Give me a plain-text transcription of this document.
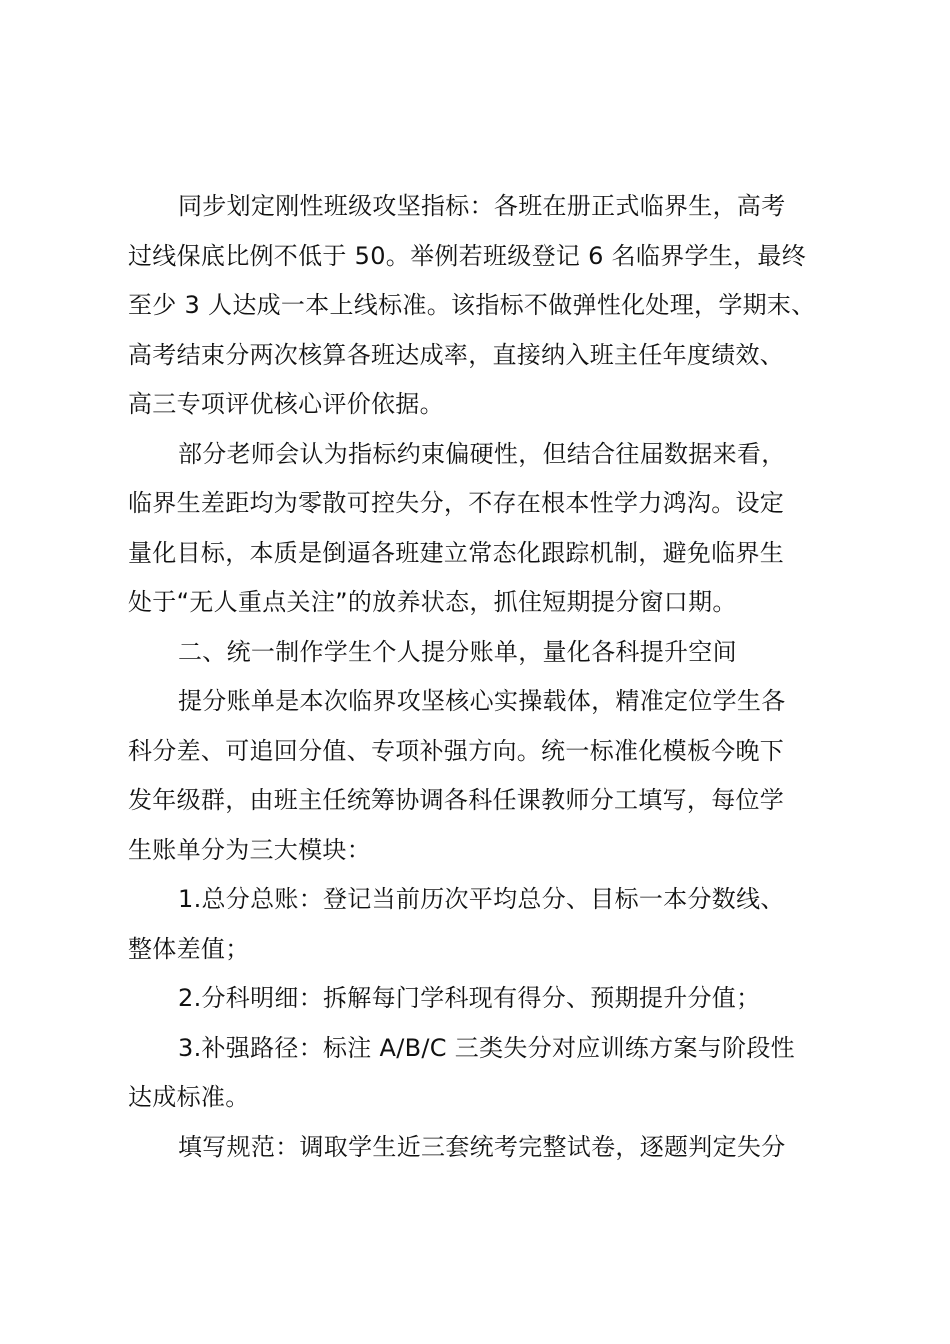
同步划定刚性班级攻坚指标：各班在册正式临界生，高考
过线保底比例不低于 50。举例若班级登记 6 名临界学生，最终
至少 3 人达成一本上线标准。该指标不做弹性化处理，学期末、
高考结束分两次核算各班达成率，直接纳入班主任年度绩效、
高三专项评优核心评价依据。
部分老师会认为指标约束偏硬性，但结合往届数据来看，
临界生差距均为零散可控失分，不存在根本性学力鸿沟。设定
量化目标，本质是倒逼各班建立常态化跟踪机制，避免临界生
处于“无人重点关注”的放养状态，抓住短期提分窗口期。
二、统一制作学生个人提分账单，量化各科提升空间
提分账单是本次临界攻坚核心实操载体，精准定位学生各
科分差、可追回分值、专项补强方向。统一标准化模板今晚下
发年级群，由班主任统筹协调各科任课教师分工填写，每位学
生账单分为三大模块：
1.总分总账：登记当前历次平均总分、目标一本分数线、
整体差值；
2.分科明细：拆解每门学科现有得分、预期提升分值；
3.补强路径：标注 A/B/C 三类失分对应训练方案与阶段性
达成标准。
填写规范：调取学生近三套统考完整试卷，逐题判定失分
